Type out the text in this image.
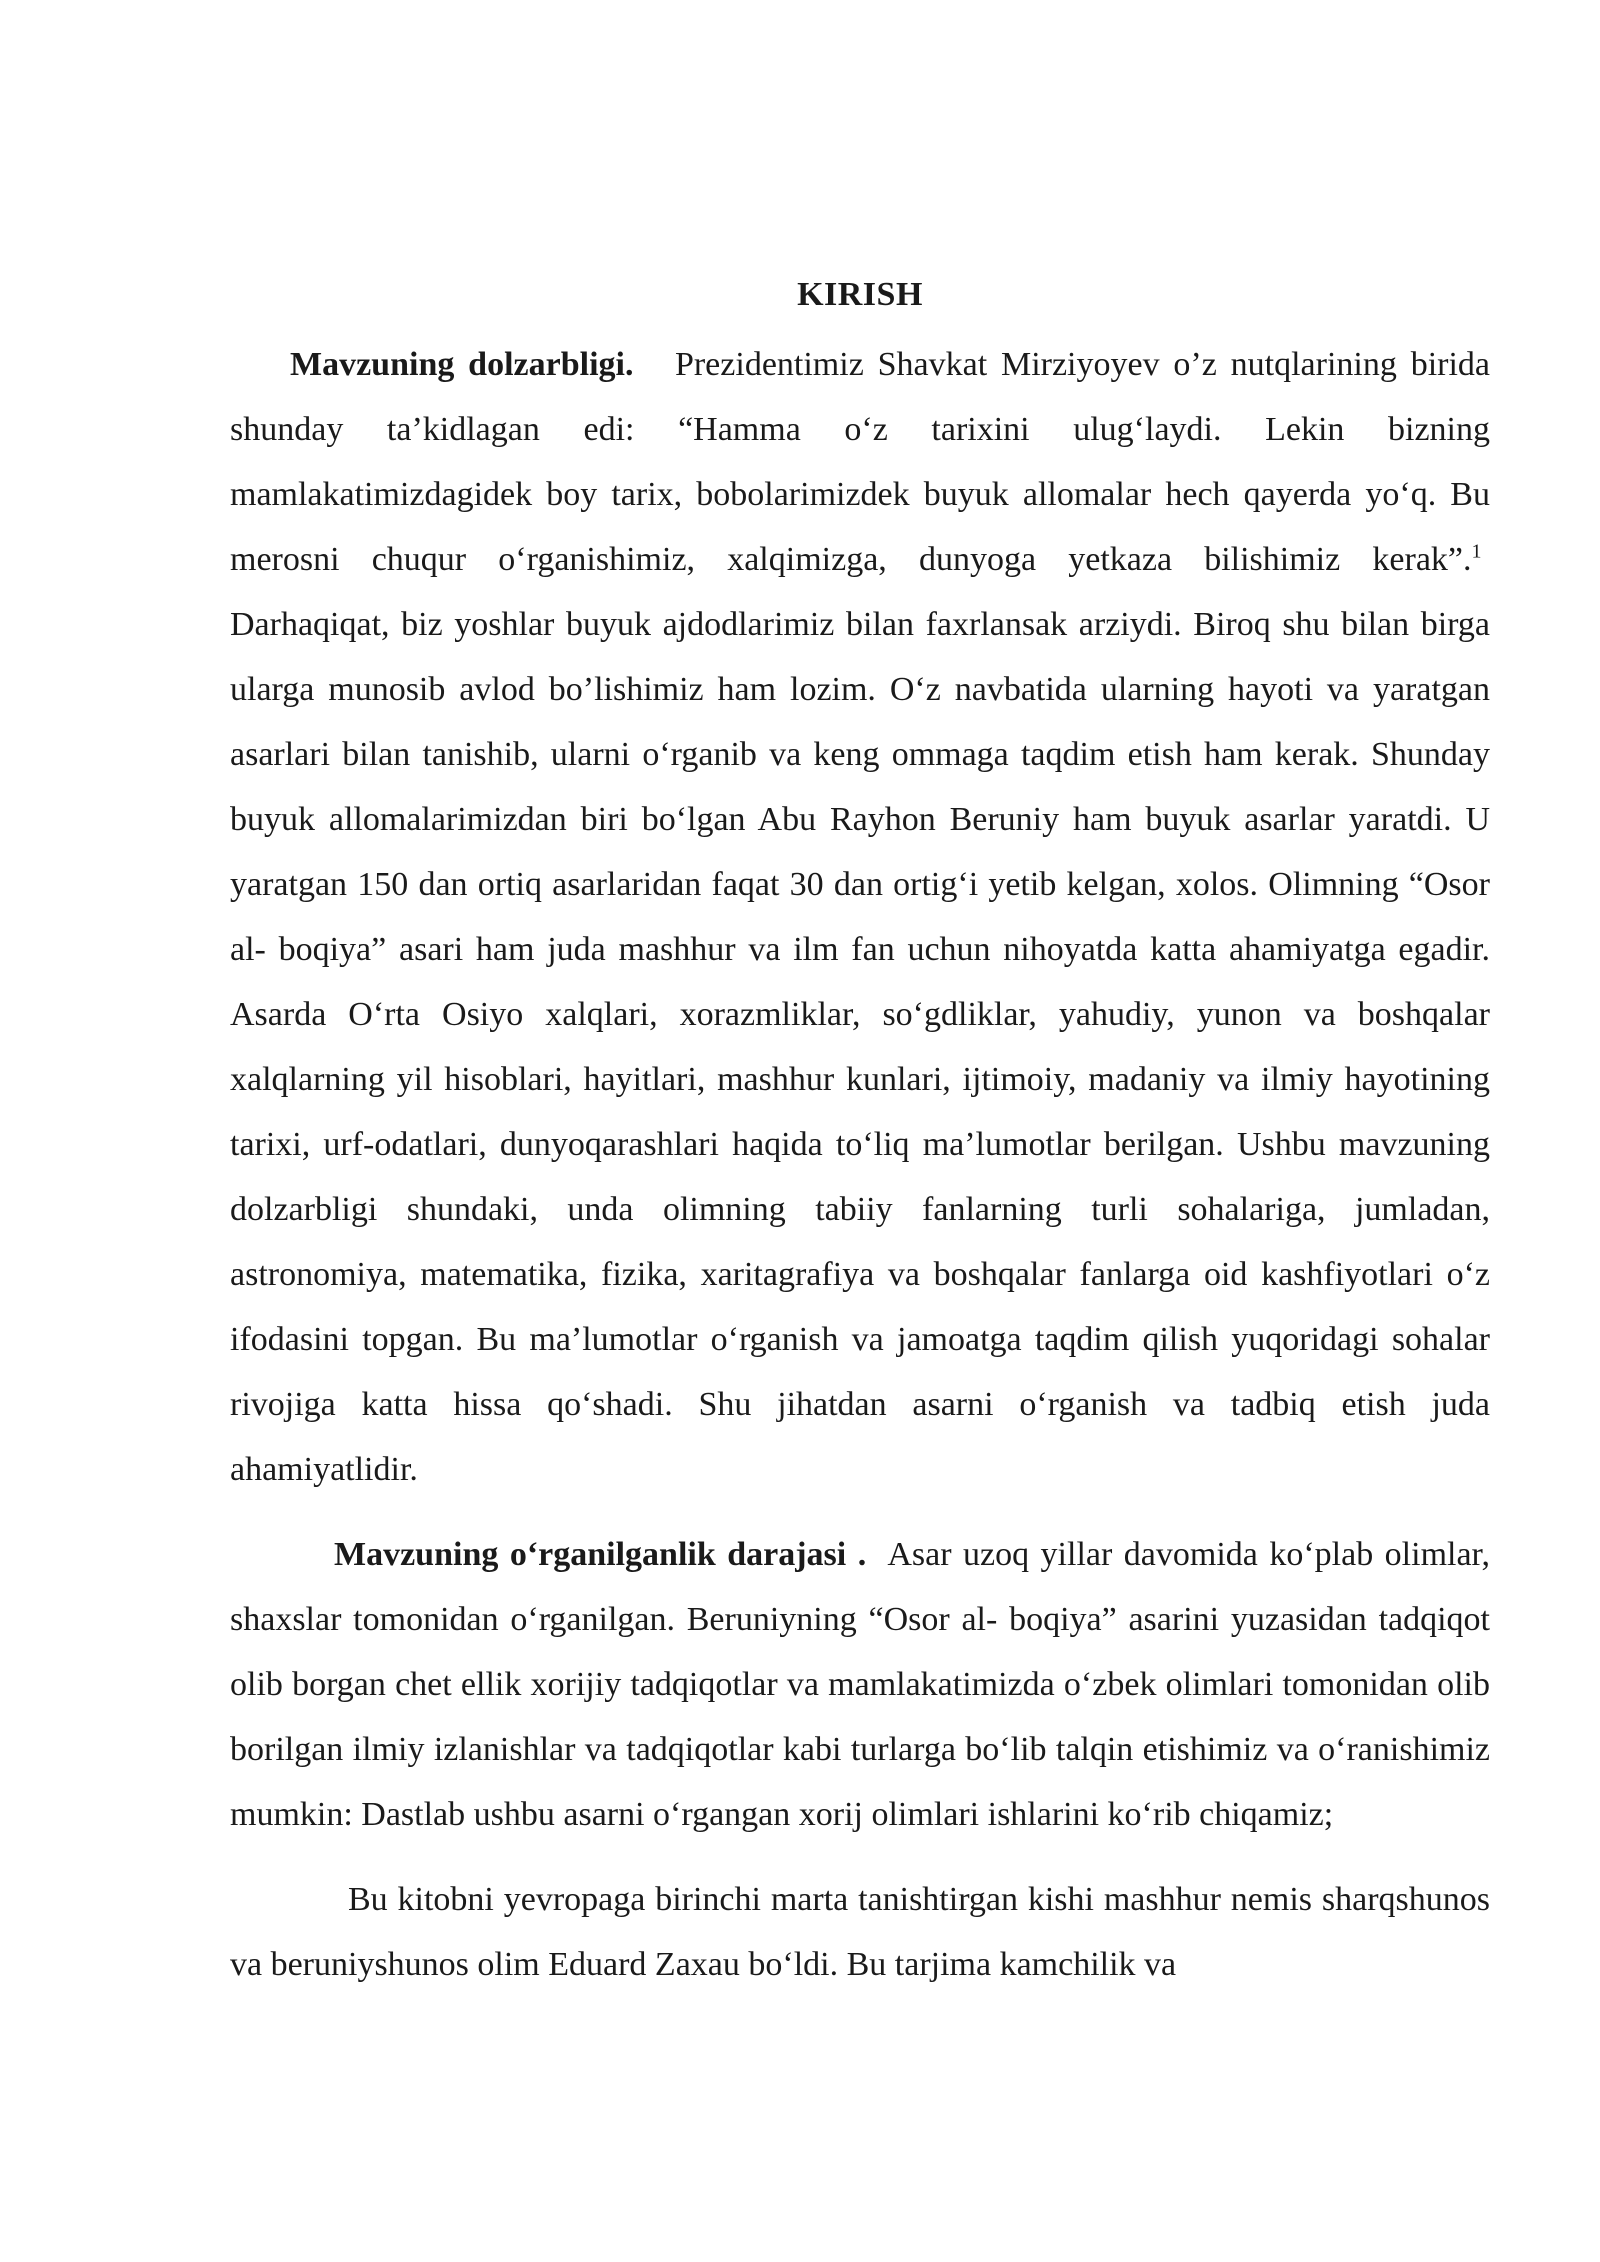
KIRISH

Mavzuning dolzarbligi. Prezidentimiz Shavkat Mirziyoyev o’z nutqlarining birida shunday ta’kidlagan edi: “Hamma o‘z tarixini ulug‘laydi. Lekin bizning mamlakatimizdagidek boy tarix, bobolarimizdek buyuk allomalar hech qayerda yo‘q. Bu merosni chuqur o‘rganishimiz, xalqimizga, dunyoga yetkaza bilishimiz kerak”.$^1$  Darhaqiqat, biz yoshlar buyuk ajdodlarimiz bilan faxrlansak arziydi. Biroq shu bilan birga ularga munosib avlod bo’lishimiz ham lozim. O‘z navbatida ularning hayoti va yaratgan asarlari bilan tanishib, ularni o‘rganib va keng ommaga taqdim etish ham kerak. Shunday buyuk allomalarimizdan biri bo‘lgan Abu Rayhon Beruniy ham buyuk asarlar yaratdi. U yaratgan 150 dan ortiq asarlaridan faqat 30 dan ortig‘i yetib kelgan, xolos. Olimning “Osor al- boqiya” asari ham juda mashhur va ilm fan uchun nihoyatda katta ahamiyatga egadir. Asarda O‘rta Osiyo xalqlari, xorazmliklar, so‘gdliklar, yahudiy, yunon va boshqalar xalqlarning yil hisoblari, hayitlari, mashhur kunlari, ijtimoiy, madaniy va ilmiy hayotining tarixi, urf-odatlari, dunyoqarashlari haqida to‘liq ma’lumotlar berilgan. Ushbu mavzuning dolzarbligi shundaki, unda olimning tabiiy fanlarning turli sohalariga, jumladan, astronomiya, matematika, fizika, xaritagrafiya va boshqalar fanlarga oid kashfiyotlari o‘z ifodasini topgan. Bu ma’lumotlar o‘rganish va jamoatga taqdim qilish yuqoridagi sohalar rivojiga katta hissa qo‘shadi. Shu jihatdan asarni o‘rganish va tadbiq etish juda ahamiyatlidir.

Mavzuning o‘rganilganlik darajasi . Asar uzoq yillar davomida ko‘plab olimlar, shaxslar tomonidan o‘rganilgan. Beruniyning “Osor al- boqiya” asarini yuzasidan tadqiqot olib borgan chet ellik xorijiy tadqiqotlar va mamlakatimizda o‘zbek olimlari tomonidan olib borilgan ilmiy izlanishlar va tadqiqotlar kabi turlarga bo‘lib talqin etishimiz va o‘ranishimiz mumkin: Dastlab ushbu asarni o‘rgangan xorij olimlari ishlarini ko‘rib chiqamiz;

Bu kitobni yevropaga birinchi marta tanishtirgan kishi mashhur nemis sharqshunos va beruniyshunos olim Eduard Zaxau bo‘ldi. Bu tarjima kamchilik va
